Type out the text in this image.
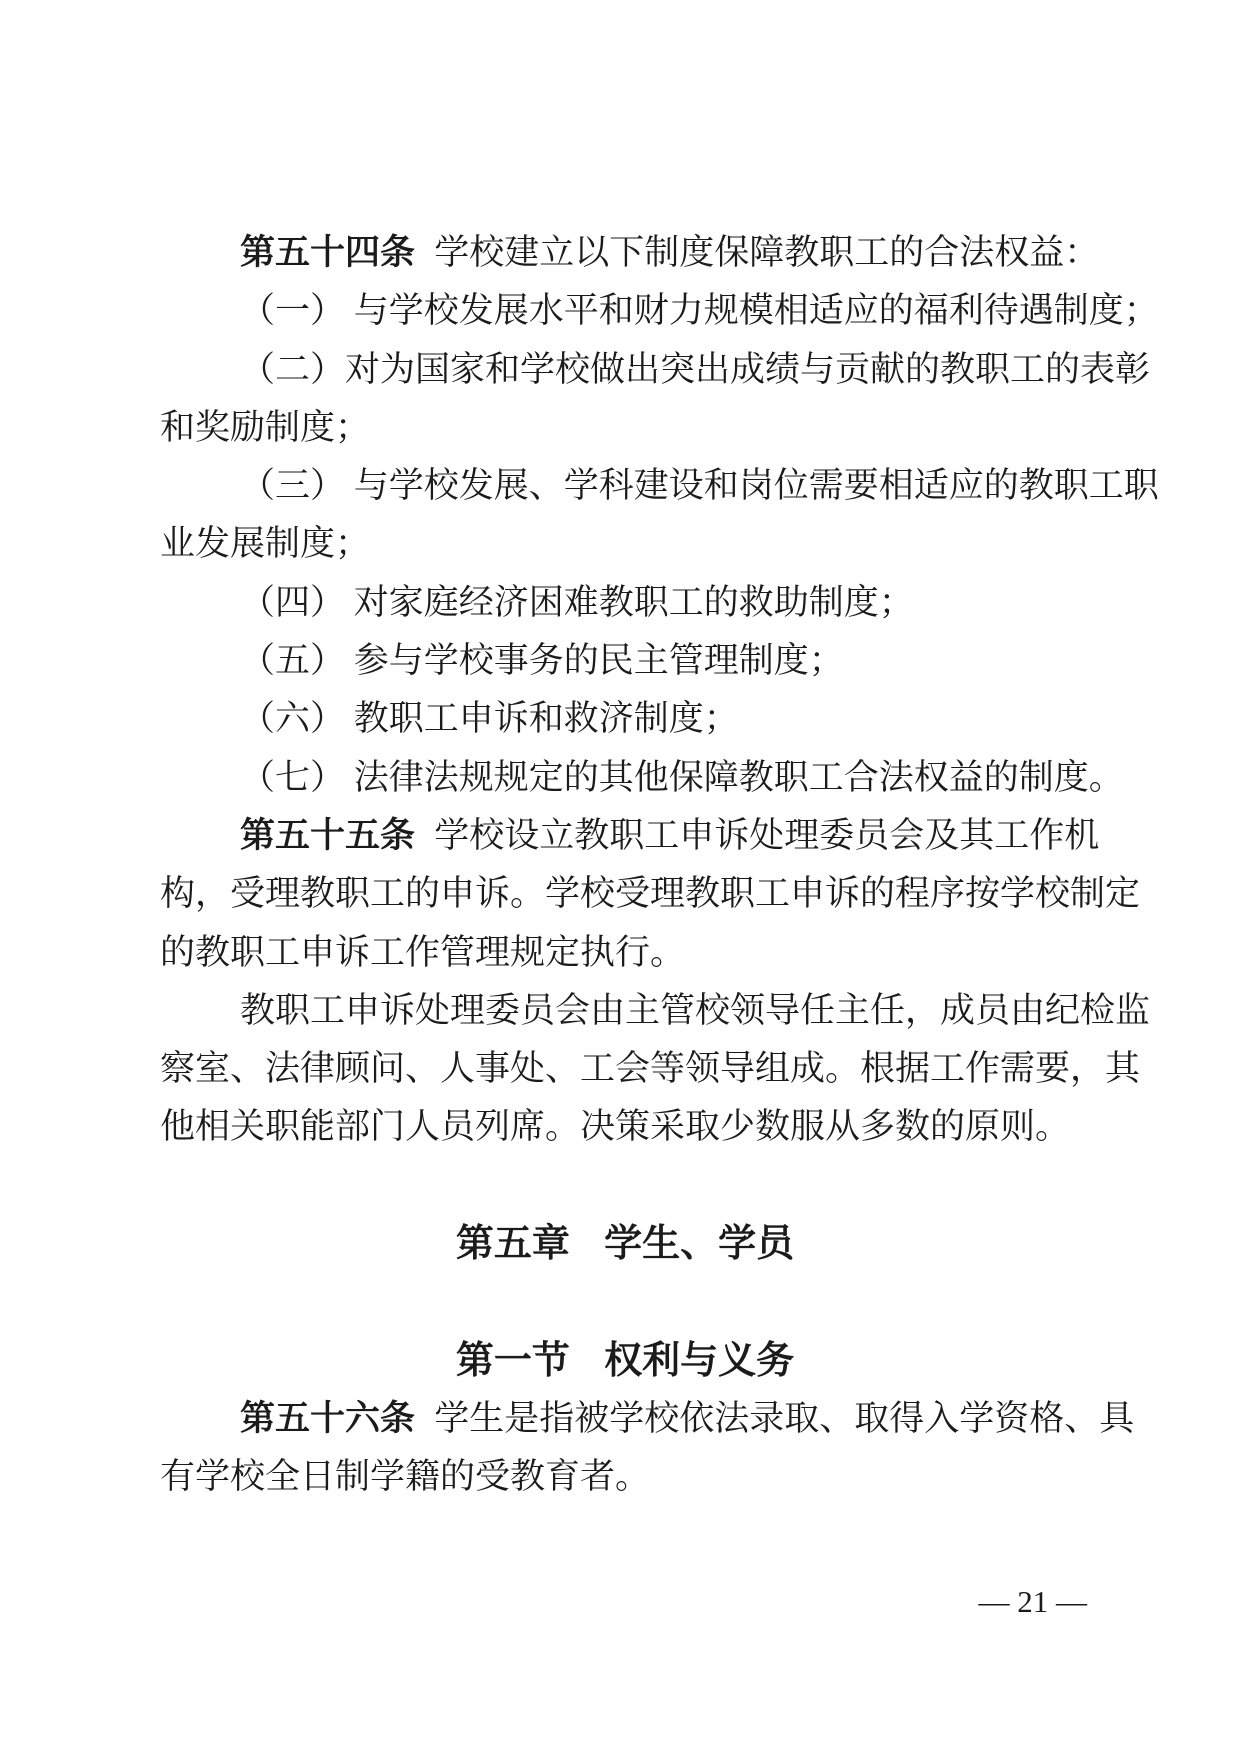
第五十四条 学校建立以下制度保障教职工的合法权益：
（一） 与学校发展水平和财力规模相适应的福利待遇制度；
（二）对为国家和学校做出突出成绩与贡献的教职工的表彰
和奖励制度；
（三） 与学校发展、学科建设和岗位需要相适应的教职工职
业发展制度；
（四） 对家庭经济困难教职工的救助制度；
（五） 参与学校事务的民主管理制度；
（六） 教职工申诉和救济制度；
（七） 法律法规规定的其他保障教职工合法权益的制度。
第五十五条 学校设立教职工申诉处理委员会及其工作机
构，受理教职工的申诉。学校受理教职工申诉的程序按学校制定
的教职工申诉工作管理规定执行。
教职工申诉处理委员会由主管校领导任主任，成员由纪检监
察室、法律顾问、人事处、工会等领导组成。根据工作需要，其
他相关职能部门人员列席。决策采取少数服从多数的原则。
第五章 学生、学员
第一节 权利与义务
第五十六条 学生是指被学校依法录取、取得入学资格、具
有学校全日制学籍的受教育者。
— 21 —
